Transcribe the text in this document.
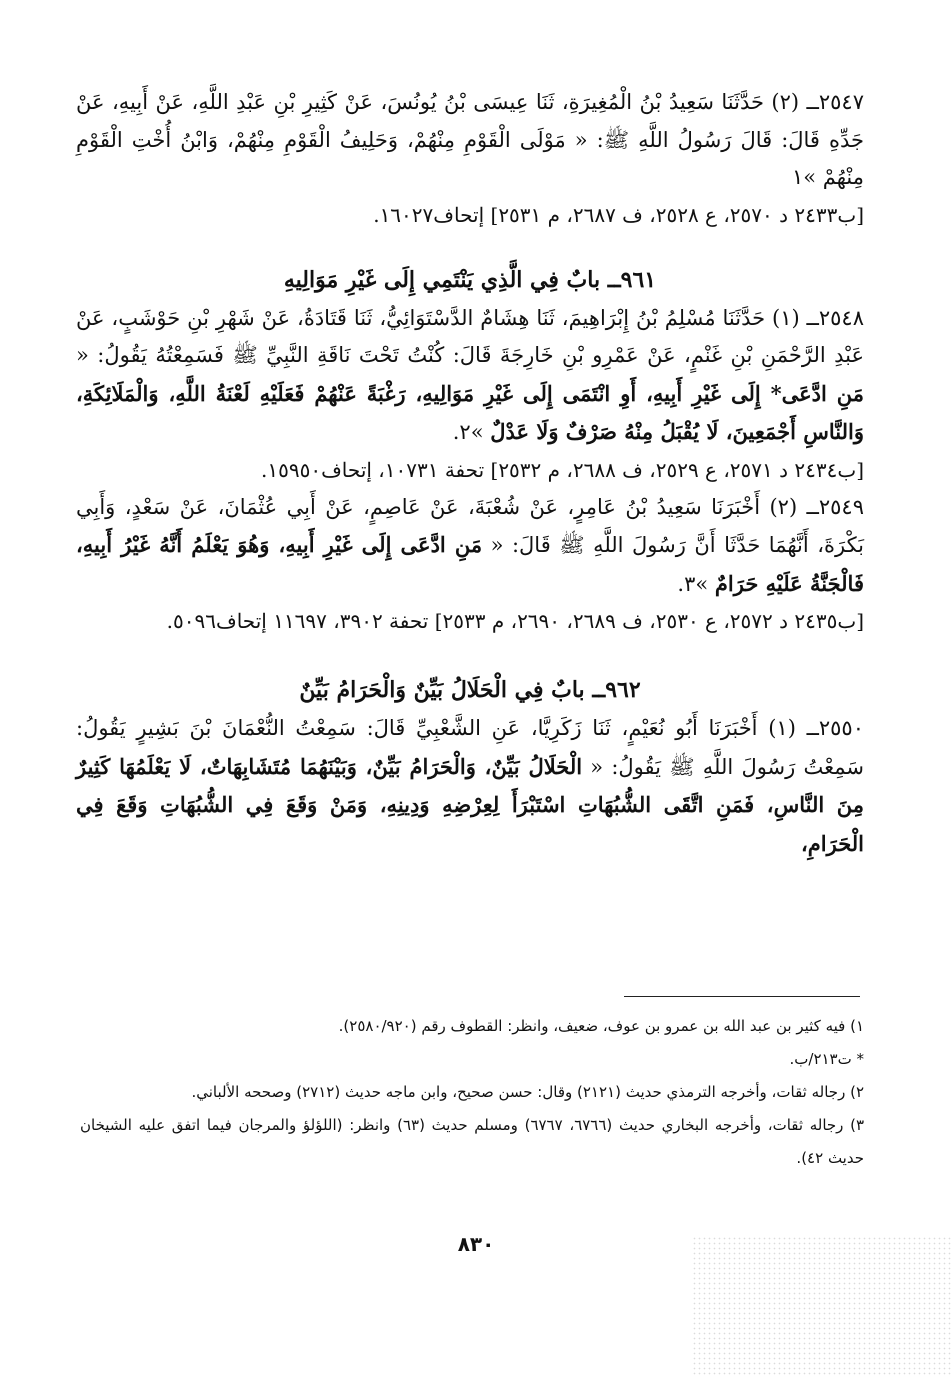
٢٥٤٧ــ (٢) حَدَّثَنَا سَعِيدُ بْنُ الْمُغِيرَةِ، ثَنَا عِيسَى بْنُ يُونُسَ، عَنْ كَثِيرِ بْنِ عَبْدِ اللَّهِ، عَنْ أَبِيهِ، عَنْ جَدِّهِ قَالَ: قَالَ رَسُولُ اللَّهِ ﷺ: « مَوْلَى الْقَوْمِ مِنْهُمْ، وَحَلِيفُ الْقَوْمِ مِنْهُمْ، وَابْنُ أُخْتِ الْقَوْمِ مِنْهُمْ »١

[ب٢٤٣٣ د ٢٥٧٠، ع ٢٥٢٨، ف ٢٦٨٧، م ٢٥٣١] إتحاف١٦٠٢٧.

٩٦١ــ بابٌ فِي الَّذِي يَنْتَمِي إِلَى غَيْرِ مَوَالِيهِ

٢٥٤٨ــ (١) حَدَّثَنَا مُسْلِمُ بْنُ إِبْرَاهِيمَ، ثَنَا هِشَامٌ الدَّسْتَوَائِيُّ، ثَنَا قَتَادَةُ، عَنْ شَهْرِ بْنِ حَوْشَبٍ، عَنْ عَبْدِ الرَّحْمَنِ بْنِ غَنْمٍ، عَنْ عَمْرِو بْنِ خَارِجَةَ قَالَ: كُنْتُ تَحْتَ نَاقَةِ النَّبِيِّ ﷺ فَسَمِعْتُهُ يَقُولُ: « مَنِ ادَّعَى* إِلَى غَيْرِ أَبِيهِ، أَوِ انْتَمَى إِلَى غَيْرِ مَوَالِيهِ، رَغْبَةً عَنْهُمْ فَعَلَيْهِ لَعْنَةُ اللَّهِ، وَالْمَلَائِكَةِ، وَالنَّاسِ أَجْمَعِينَ، لَا يُقْبَلُ مِنْهُ صَرْفٌ وَلَا عَدْلٌ »٢.

[ب٢٤٣٤ د ٢٥٧١، ع ٢٥٢٩، ف ٢٦٨٨، م ٢٥٣٢] تحفة ١٠٧٣١، إتحاف١٥٩٥٠.

٢٥٤٩ــ (٢) أَخْبَرَنَا سَعِيدُ بْنُ عَامِرٍ، عَنْ شُعْبَةَ، عَنْ عَاصِمٍ، عَنْ أَبِي عُثْمَانَ، عَنْ سَعْدٍ، وَأَبِي بَكْرَةَ، أَنَّهُمَا حَدَّثَا أَنَّ رَسُولَ اللَّهِ ﷺ قَالَ: « مَنِ ادَّعَى إِلَى غَيْرِ أَبِيهِ، وَهُوَ يَعْلَمُ أَنَّهُ غَيْرُ أَبِيهِ، فَالْجَنَّةُ عَلَيْهِ حَرَامٌ »٣.

[ب٢٤٣٥ د ٢٥٧٢، ع ٢٥٣٠، ف ٢٦٨٩، ٢٦٩٠، م ٢٥٣٣] تحفة ٣٩٠٢، ١١٦٩٧ إتحاف٥٠٩٦.

٩٦٢ــ بابٌ فِي الْحَلَالُ بَيِّنٌ وَالْحَرَامُ بَيِّنٌ

٢٥٥٠ــ (١) أَخْبَرَنَا أَبُو نُعَيْمٍ، ثَنَا زَكَرِيَّا، عَنِ الشَّعْبِيِّ قَالَ: سَمِعْتُ النُّعْمَانَ بْنَ بَشِيرٍ يَقُولُ: سَمِعْتُ رَسُولَ اللَّهِ ﷺ يَقُولُ: « الْحَلَالُ بَيِّنٌ، وَالْحَرَامُ بَيِّنٌ، وَبَيْنَهُمَا مُتَشَابِهَاتٌ، لَا يَعْلَمُهَا كَثِيرٌ مِنَ النَّاسِ، فَمَنِ اتَّقَى الشُّبُهَاتِ اسْتَبْرَأَ لِعِرْضِهِ وَدِينِهِ، وَمَنْ وَقَعَ فِي الشُّبُهَاتِ وَقَعَ فِي الْحَرَامِ،

١) فيه كثير بن عبد الله بن عمرو بن عوف، ضعيف، وانظر: القطوف رقم (٢٥٨٠/٩٢٠).

* ت٢١٣/ب.

٢) رجاله ثقات، وأخرجه الترمذي حديث (٢١٢١) وقال: حسن صحيح، وابن ماجه حديث (٢٧١٢) وصححه الألباني.

٣) رجاله ثقات، وأخرجه البخاري حديث (٦٧٦٦، ٦٧٦٧) ومسلم حديث (٦٣) وانظر: (اللؤلؤ والمرجان فيما اتفق عليه الشيخان حديث ٤٢).

٨٣٠
